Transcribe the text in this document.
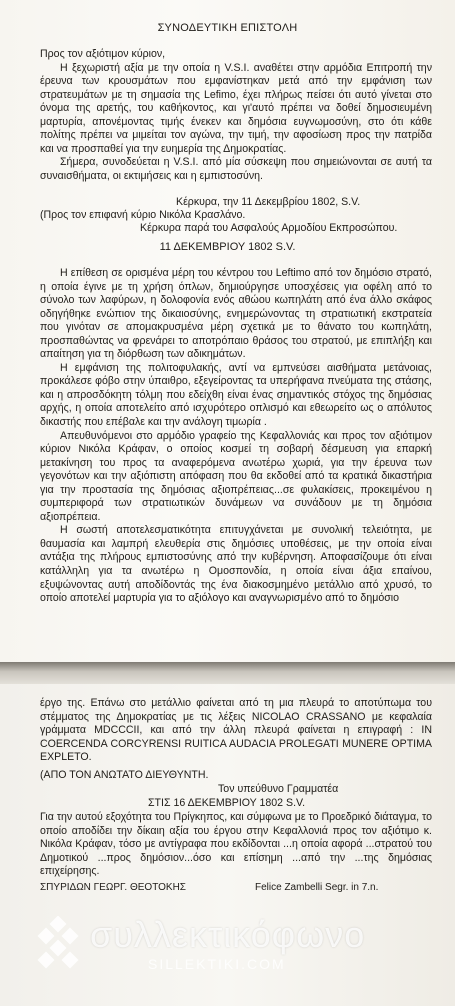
ΣΥΝΟΔΕΥΤΙΚΗ ΕΠΙΣΤΟΛΗ
Προς τον αξιότιμον κύριον,
Η ξεχωριστή αξία με την οποία η V.S.I. αναθέτει στην αρμόδια Επιτροπή την έρευνα των κρουσμάτων που εμφανίστηκαν μετά από την εμφάνιση των στρατευμάτων με τη σημασία της Lefimo, έχει πλήρως πείσει ότι αυτό γίνεται στο όνομα της αρετής, του καθήκοντος, και γι'αυτό πρέπει να δοθεί δημοσιευμένη μαρτυρία, απονέμοντας τιμής ένεκεν και δημόσια ευγνωμοσύνη, στο ότι κάθε πολίτης πρέπει να μιμείται τον αγώνα, την τιμή, την αφοσίωση προς την πατρίδα και να προσπαθεί για την ευημερία της Δημοκρατίας.
Σήμερα, συνοδεύεται η V.S.I. από μία σύσκεψη που σημειώνονται σε αυτή τα συναισθήματα, οι εκτιμήσεις και η εμπιστοσύνη.
Κέρκυρα, την 11 Δεκεμβρίου 1802, S.V.
(Προς τον επιφανή κύριο Νικόλα Κρασλάνο.
Κέρκυρα παρά του Ασφαλούς Αρμοδίου Εκπροσώπου.
11 ΔΕΚΕΜΒΡΙΟΥ 1802 S.V.
Η επίθεση σε ορισμένα μέρη του κέντρου του Leftimo από τον δημόσιο στρατό, η οποία έγινε με τη χρήση όπλων, δημιούργησε υποσχέσεις για οφέλη από το σύνολο των λαφύρων, η δολοφονία ενός αθώου κωπηλάτη από ένα άλλο σκάφος οδηγήθηκε ενώπιον της δικαιοσύνης, ενημερώνοντας τη στρατιωτική εκστρατεία που γινόταν σε απομακρυσμένα μέρη σχετικά με το θάνατο του κωπηλάτη, προσπαθώντας να φρενάρει το αποτρόπαιο θράσος του στρατού, με επιπλήξη και απαίτηση για τη διόρθωση των αδικημάτων.
Η εμφάνιση της πολιτοφυλακής, αντί να εμπνεύσει αισθήματα μετάνοιας, προκάλεσε φόβο στην ύπαιθρο, εξεγείροντας τα υπερήφανα πνεύματα της στάσης, και η απροσδόκητη τόλμη που εδείχθη είναι ένας σημαντικός στόχος της δημόσιας αρχής, η οποία αποτελείτο από ισχυρότερο οπλισμό και εθεωρείτο ως ο απόλυτος δικαστής που επέβαλε και την ανάλογη τιμωρία .
Απευθυνόμενοι στο αρμόδιο γραφείο της Κεφαλλονιάς και προς τον αξιότιμον κύριον Νικόλα Κράφαν, ο οποίος κοσμεί τη σοβαρή δέσμευση για επαρκή μετακίνηση του προς τα αναφερόμενα ανωτέρω χωριά, για την έρευνα των γεγονότων και την αξιόπιστη απόφαση που θα εκδοθεί από τα κρατικά δικαστήρια για την προστασία της δημόσιας αξιοπρέπειας...σε φυλακίσεις, προκειμένου η συμπεριφορά των στρατιωτικών δυνάμεων να συνάδουν με τη δημόσια αξιοπρέπεια.
Η σωστή αποτελεσματικότητα επιτυγχάνεται με συνολική τελειότητα, με θαυμασία και λαμπρή ελευθερία στις δημόσιες υποθέσεις, με την οποία είναι αντάξια της πλήρους εμπιστοσύνης από την κυβέρνηση. Αποφασίζουμε ότι είναι κατάλληλη για τα ανωτέρω η Ομοσπονδία, η οποία είναι άξια επαίνου, εξυψώνοντας αυτή αποδίδοντάς της ένα διακοσμημένο μετάλλιο από χρυσό, το οποίο αποτελεί μαρτυρία για το αξιόλογο και αναγνωρισμένο από το δημόσιο
έργο της. Επάνω στο μετάλλιο φαίνεται από τη μια πλευρά το αποτύπωμα του στέμματος της Δημοκρατίας με τις λέξεις NICOLAO CRASSANO με κεφαλαία γράμματα MDCCCII, και από την άλλη πλευρά φαίνεται η επιγραφή : IN COERCENDA CORCYRENSI RUITICA AUDACIA PROLEGATI MUNERE OPTIMA EXPLETO.
(ΑΠΟ ΤΟΝ ΑΝΩΤΑΤΟ ΔΙΕΥΘΥΝΤΗ.
Τον υπεύθυνο Γραμματέα
ΣΤΙΣ 16 ΔΕΚΕΜΒΡΙΟΥ 1802 S.V.
Για την αυτού εξοχότητα του Πρίγκηπος, και σύμφωνα με το Προεδρικό διάταγμα, το οποίο αποδίδει την δίκαιη αξία του έργου στην Κεφαλλονιά προς τον αξιότιμο κ. Νικόλα Κράφαν, τόσο με αντίγραφα που εκδίδονται ...η οποία αφορά ...στρατού του Δημοτικού ...προς δημόσιον...όσο και επίσημη ...από την ...της δημόσιας επιχείρησης.
ΣΠΥΡΙΔΩΝ ΓΕΩΡΓ. ΘΕΟΤΟΚΗΣ	Felice Zambelli Segr. in 7.n.
συλλεκτικόφωνο
SILLEKTIKI.COM
